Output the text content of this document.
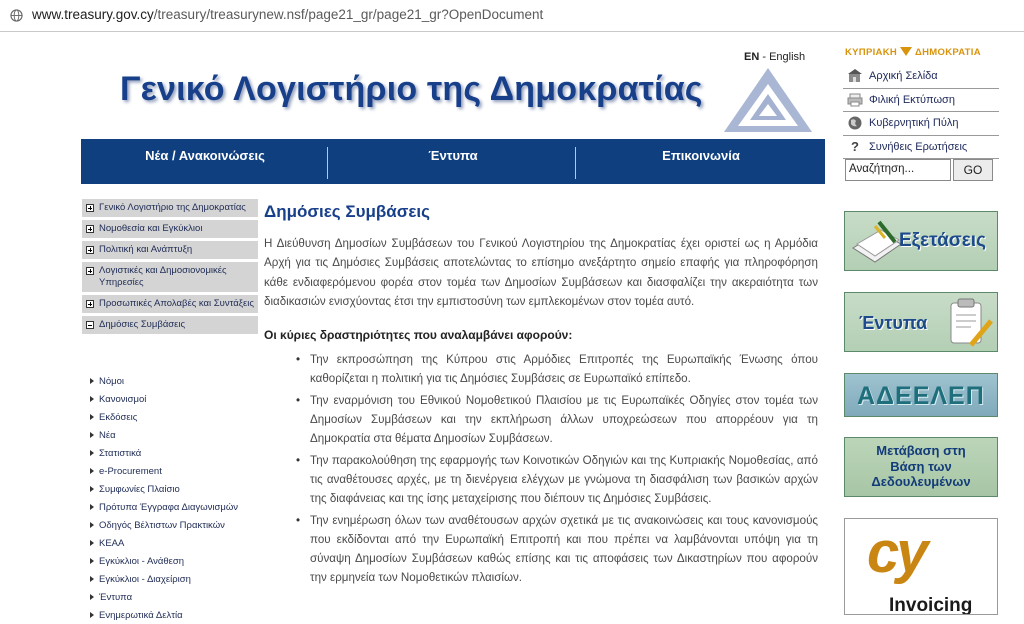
www.treasury.gov.cy/treasury/treasurynew.nsf/page21_gr/page21_gr?OpenDocument
EN - English
Γενικό Λογιστήριο της Δημοκρατίας
Νέα / Ανακοινώσεις	Έντυπα	Επικοινωνία
ΚΥΠΡΙΑΚΗ ΔΗΜΟΚΡΑΤΙΑ
Αρχική Σελίδα
Φιλική Εκτύπωση
Κυβερνητική Πύλη
? Συνήθεις Ερωτήσεις
Αναζήτηση...	GO
Γενικό Λογιστήριο της Δημοκρατίας
Νομοθεσία και Εγκύκλιοι
Πολιτική και Ανάπτυξη
Λογιστικές και Δημοσιονομικές Υπηρεσίες
Προσωπικές Απολαβές και Συντάξεις
Δημόσιες Συμβάσεις
Νόμοι
Κανονισμοί
Εκδόσεις
Νέα
Στατιστικά
e-Procurement
Συμφωνίες Πλαίσιο
Πρότυπα Έγγραφα Διαγωνισμών
Οδηγός Βέλτιστων Πρακτικών
ΚΕΑΑ
Εγκύκλιοι - Ανάθεση
Εγκύκλιοι - Διαχείριση
Έντυπα
Ενημερωτικά Δελτία
Δημόσιες Συμβάσεις

Η Διεύθυνση Δημοσίων Συμβάσεων του Γενικού Λογιστηρίου της Δημοκρατίας έχει οριστεί ως η Αρμόδια Αρχή για τις Δημόσιες Συμβάσεις αποτελώντας το επίσημο ανεξάρτητο σημείο επαφής για πληροφόρηση κάθε ενδιαφερόμενου φορέα στον τομέα των Δημοσίων Συμβάσεων και διασφαλίζει την ακεραιότητα των διαδικασιών ενισχύοντας έτσι την εμπιστοσύνη των εμπλεκομένων στον τομέα αυτό.

Οι κύριες δραστηριότητες που αναλαμβάνει αφορούν:
• Την εκπροσώπηση της Κύπρου στις Αρμόδιες Επιτροπές της Ευρωπαϊκής Ένωσης όπου καθορίζεται η πολιτική για τις Δημόσιες Συμβάσεις σε Ευρωπαϊκό επίπεδο.
• Την εναρμόνιση του Εθνικού Νομοθετικού Πλαισίου με τις Ευρωπαϊκές Οδηγίες στον τομέα των Δημοσίων Συμβάσεων και την εκπλήρωση άλλων υποχρεώσεων που απορρέουν για τη Δημοκρατία στα θέματα Δημοσίων Συμβάσεων.
• Την παρακολούθηση της εφαρμογής των Κοινοτικών Οδηγιών και της Κυπριακής Νομοθεσίας, από τις αναθέτουσες αρχές, με τη διενέργεια ελέγχων με γνώμονα τη διασφάλιση των βασικών αρχών της διαφάνειας και της ίσης μεταχείρισης που διέπουν τις Δημόσιες Συμβάσεις.
• Την ενημέρωση όλων των αναθέτουσων αρχών σχετικά με τις ανακοινώσεις και τους κανονισμούς που εκδίδονται από την Ευρωπαϊκή Επιτροπή και που πρέπει να λαμβάνονται υπόψη για τη σύναψη Δημοσίων Συμβάσεων καθώς επίσης και τις αποφάσεις των Δικαστηρίων που αφορούν την ερμηνεία των Νομοθετικών πλαισίων.
Εξετάσεις
Έντυπα
ΑΔΕΕΛΕΠ
Μετάβαση στη
Βάση των
Δεδουλευμένων
cy
Invoicing
